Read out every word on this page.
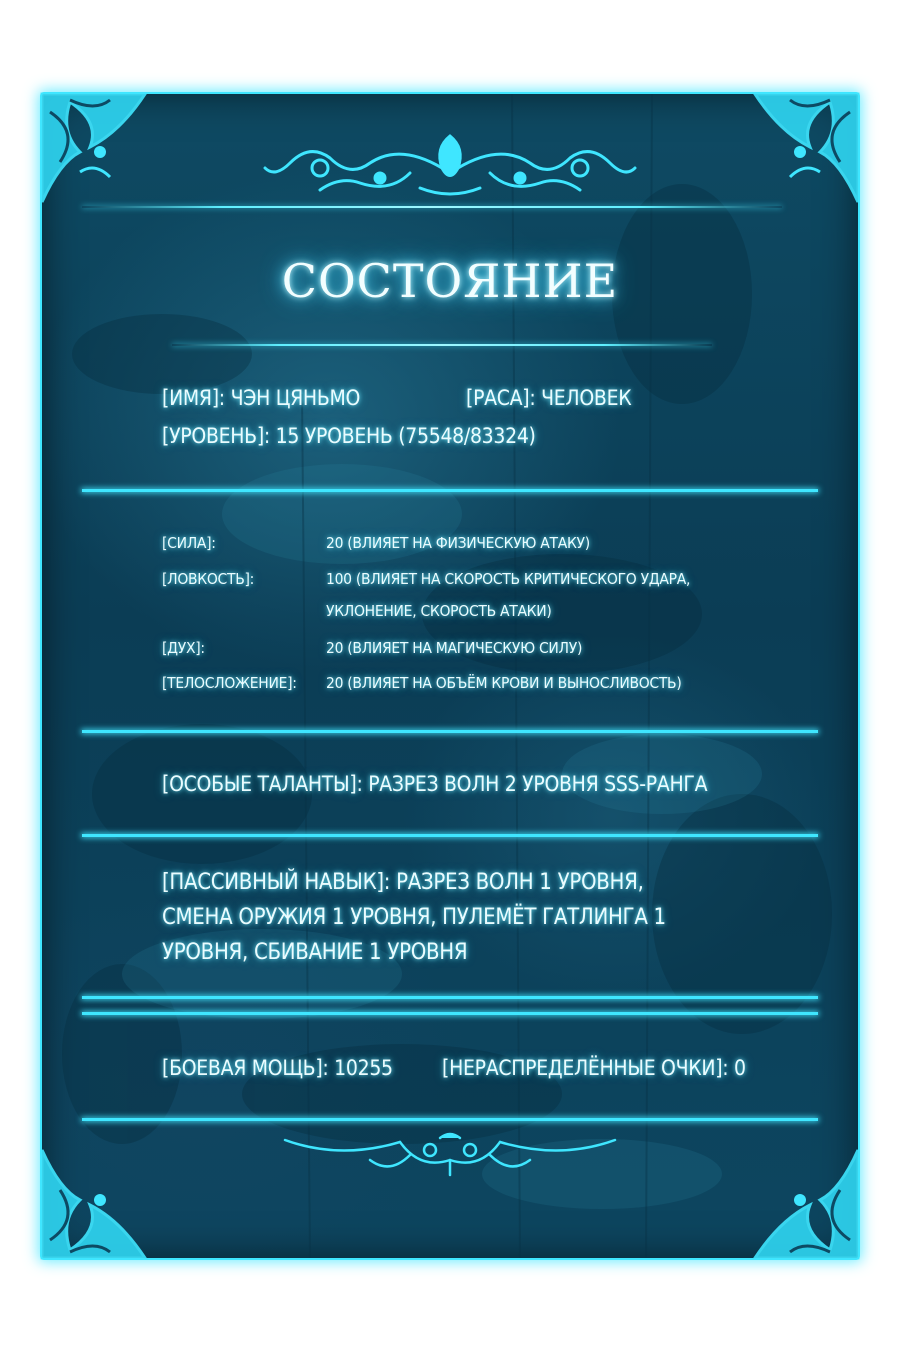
СОСТОЯНИЕ
[ИМЯ]: ЧЭН ЦЯНЬМО	[РАСА]: ЧЕЛОВЕК
[УРОВЕНЬ]: 15 УРОВЕНЬ (75548/83324)
[СИЛА]:	20 (ВЛИЯЕТ НА ФИЗИЧЕСКУЮ АТАКУ)
[ЛОВКОСТЬ]:	100 (ВЛИЯЕТ НА СКОРОСТЬ КРИТИЧЕСКОГО УДАРА,
УКЛОНЕНИЕ, СКОРОСТЬ АТАКИ)
[ДУХ]:	20 (ВЛИЯЕТ НА МАГИЧЕСКУЮ СИЛУ)
[ТЕЛОСЛОЖЕНИЕ]: 20 (ВЛИЯЕТ НА ОБЪЁМ КРОВИ И ВЫНОСЛИВОСТЬ)
[ОСОБЫЕ ТАЛАНТЫ]: РАЗРЕЗ ВОЛН 2 УРОВНЯ SSS-РАНГА
[ПАССИВНЫЙ НАВЫК]: РАЗРЕЗ ВОЛН 1 УРОВНЯ,
СМЕНА ОРУЖИЯ 1 УРОВНЯ, ПУЛЕМЁТ ГАТЛИНГА 1
УРОВНЯ, СБИВАНИЕ 1 УРОВНЯ
[БОЕВАЯ МОЩЬ]: 10255 [НЕРАСПРЕДЕЛЁННЫЕ ОЧКИ]: 0
